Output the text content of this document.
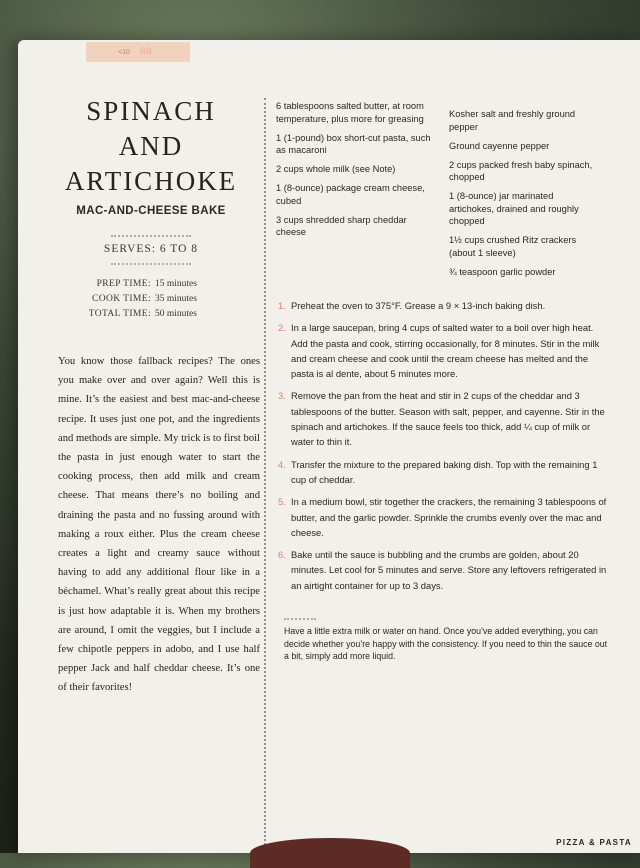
<10 BB
SPINACH
AND
ARTICHOKE
MAC-AND-CHEESE BAKE
SERVES: 6 TO 8
PREP TIME: 15 minutes
COOK TIME: 35 minutes
TOTAL TIME: 50 minutes

You know those fallback recipes? The ones you make over and over again? Well this is mine. It’s the easiest and best mac-and-cheese recipe. It uses just one pot, and the ingredients and methods are simple. My trick is to first boil the pasta in just enough water to start the cooking process, then add milk and cream cheese. That means there’s no boiling and draining the pasta and no fussing around with making a roux either. Plus the cream cheese creates a light and creamy sauce without having to add any additional flour like in a béchamel. What’s really great about this recipe is just how adaptable it is. When my brothers are around, I omit the veggies, but I include a few chipotle peppers in adobo, and I use half pepper Jack and half cheddar cheese. It’s one of their favorites!

6 tablespoons salted butter, at room temperature, plus more for greasing
1 (1-pound) box short-cut pasta, such as macaroni
2 cups whole milk (see Note)
1 (8-ounce) package cream cheese, cubed
3 cups shredded sharp cheddar cheese
Kosher salt and freshly ground pepper
Ground cayenne pepper
2 cups packed fresh baby spinach, chopped
1 (8-ounce) jar marinated artichokes, drained and roughly chopped
1½ cups crushed Ritz crackers (about 1 sleeve)
¾ teaspoon garlic powder
1. Preheat the oven to 375°F. Grease a 9 × 13-inch baking dish.
2. In a large saucepan, bring 4 cups of salted water to a boil over high heat. Add the pasta and cook, stirring occasionally, for 8 minutes. Stir in the milk and cream cheese and cook until the cream cheese has melted and the pasta is al dente, about 5 minutes more.
3. Remove the pan from the heat and stir in 2 cups of the cheddar and 3 tablespoons of the butter. Season with salt, pepper, and cayenne. Stir in the spinach and artichokes. If the sauce feels too thick, add ¼ cup of milk or water to thin it.
4. Transfer the mixture to the prepared baking dish. Top with the remaining 1 cup of cheddar.
5. In a medium bowl, stir together the crackers, the remaining 3 tablespoons of butter, and the garlic powder. Sprinkle the crumbs evenly over the mac and cheese.
6. Bake until the sauce is bubbling and the crumbs are golden, about 20 minutes. Let cool for 5 minutes and serve. Store any leftovers refrigerated in an airtight container for up to 3 days.

Have a little extra milk or water on hand. Once you’ve added everything, you can decide whether you’re happy with the consistency. If you need to thin the sauce out a bit, simply add more liquid.

PIZZA & PASTA
